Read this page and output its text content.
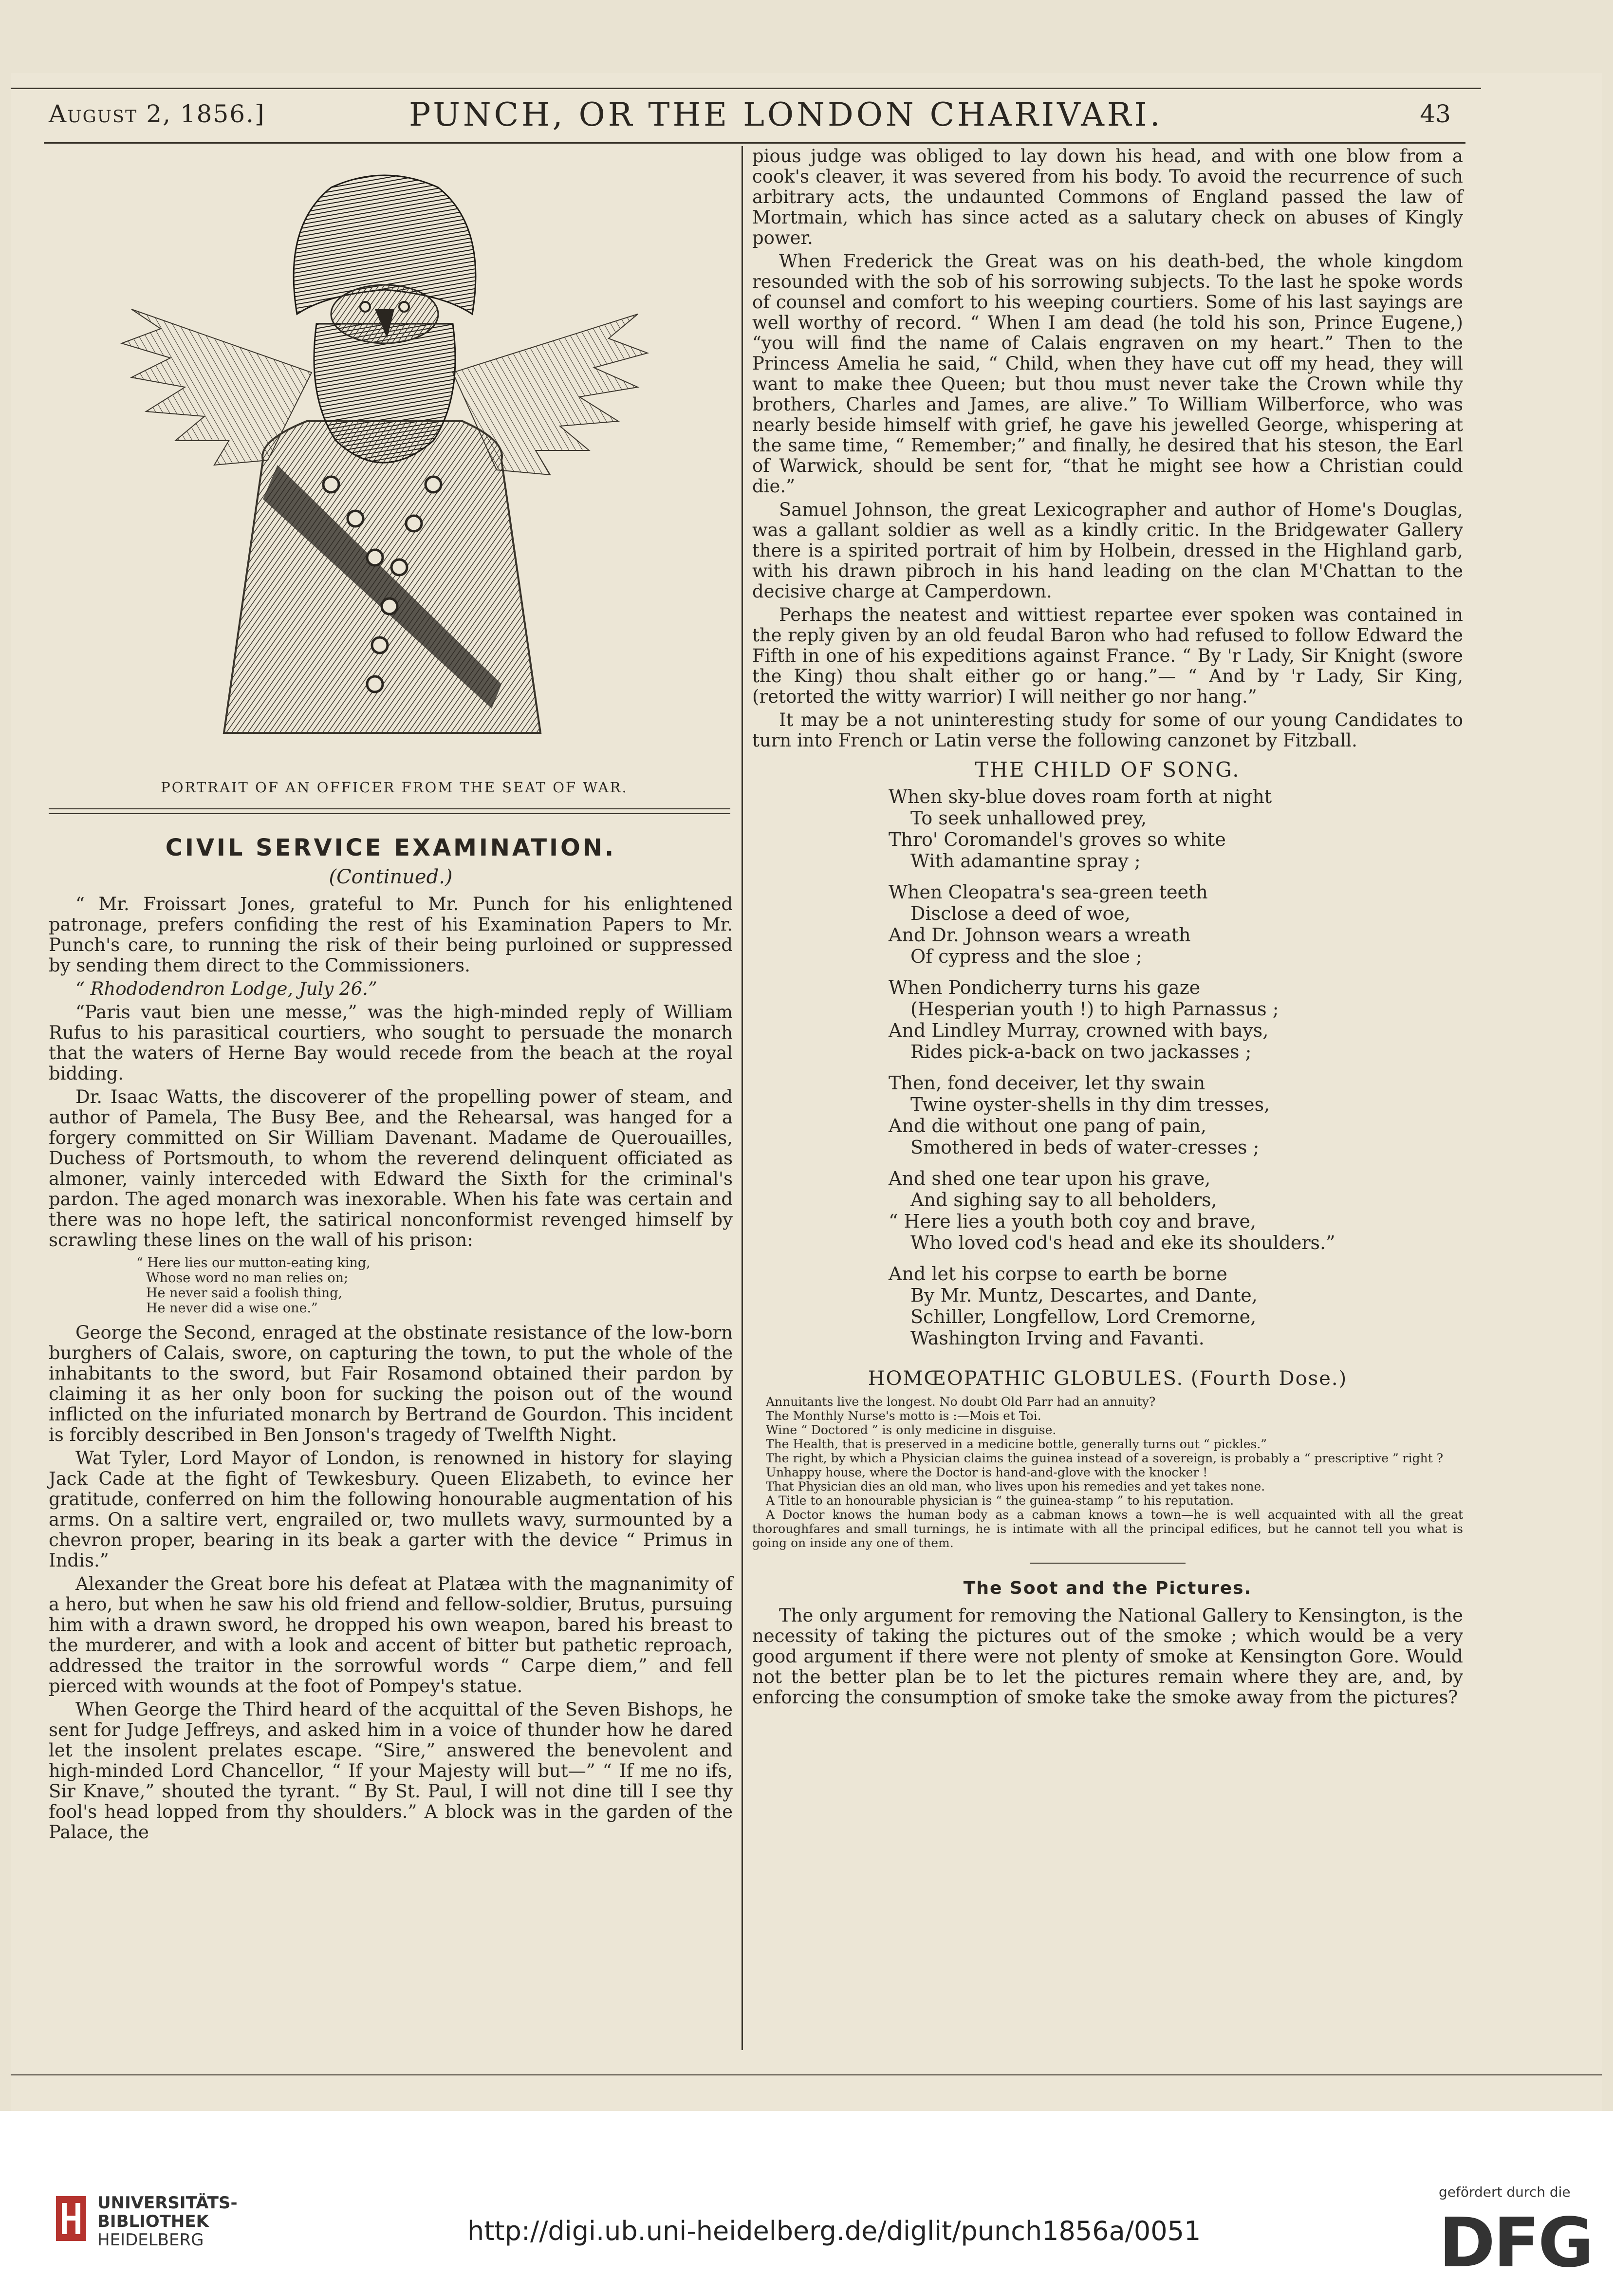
August 2, 1856.]	PUNCH, OR THE LONDON CHARIVARI.	43
PORTRAIT OF AN OFFICER FROM THE SEAT OF WAR.
CIVIL SERVICE EXAMINATION.
(Continued.)

“ Mr. Froissart Jones, grateful to Mr. Punch for his enlightened patronage, prefers confiding the rest of his Examination Papers to Mr. Punch's care, to running the risk of their being purloined or suppressed by sending them direct to the Commissioners.

“ Rhododendron Lodge, July 26.”

“Paris vaut bien une messe,” was the high-minded reply of William Rufus to his parasitical courtiers, who sought to persuade the monarch that the waters of Herne Bay would recede from the beach at the royal bidding.

Dr. Isaac Watts, the discoverer of the propelling power of steam, and author of Pamela, The Busy Bee, and the Rehearsal, was hanged for a forgery committed on Sir William Davenant. Madame de Querouailles, Duchess of Portsmouth, to whom the reverend delinquent officiated as almoner, vainly interceded with Edward the Sixth for the criminal's pardon. The aged monarch was inexorable. When his fate was certain and there was no hope left, the satirical nonconformist revenged himself by scrawling these lines on the wall of his prison:

“ Here lies our mutton-eating king,
Whose word no man relies on;
He never said a foolish thing,
He never did a wise one.”

George the Second, enraged at the obstinate resistance of the low-born burghers of Calais, swore, on capturing the town, to put the whole of the inhabitants to the sword, but Fair Rosamond obtained their pardon by claiming it as her only boon for sucking the poison out of the wound inflicted on the infuriated monarch by Bertrand de Gourdon. This incident is forcibly described in Ben Jonson's tragedy of Twelfth Night.

Wat Tyler, Lord Mayor of London, is renowned in history for slaying Jack Cade at the fight of Tewkesbury. Queen Elizabeth, to evince her gratitude, conferred on him the following honourable augmentation of his arms. On a saltire vert, engrailed or, two mullets wavy, surmounted by a chevron proper, bearing in its beak a garter with the device “ Primus in Indis.”

Alexander the Great bore his defeat at Platæa with the magnanimity of a hero, but when he saw his old friend and fellow-soldier, Brutus, pursuing him with a drawn sword, he dropped his own weapon, bared his breast to the murderer, and with a look and accent of bitter but pathetic reproach, addressed the traitor in the sorrowful words “ Carpe diem,” and fell pierced with wounds at the foot of Pompey's statue.

When George the Third heard of the acquittal of the Seven Bishops, he sent for Judge Jeffreys, and asked him in a voice of thunder how he dared let the insolent prelates escape. “Sire,” answered the benevolent and high-minded Lord Chancellor, “ If your Majesty will but—” “ If me no ifs, Sir Knave,” shouted the tyrant. “ By St. Paul, I will not dine till I see thy fool's head lopped from thy shoulders.” A block was in the garden of the Palace, the

pious judge was obliged to lay down his head, and with one blow from a cook's cleaver, it was severed from his body. To avoid the recurrence of such arbitrary acts, the undaunted Commons of England passed the law of Mortmain, which has since acted as a salutary check on abuses of Kingly power.

When Frederick the Great was on his death-bed, the whole kingdom resounded with the sob of his sorrowing subjects. To the last he spoke words of counsel and comfort to his weeping courtiers. Some of his last sayings are well worthy of record. “ When I am dead (he told his son, Prince Eugene,) “you will find the name of Calais engraven on my heart.” Then to the Princess Amelia he said, “ Child, when they have cut off my head, they will want to make thee Queen; but thou must never take the Crown while thy brothers, Charles and James, are alive.” To William Wilberforce, who was nearly beside himself with grief, he gave his jewelled George, whispering at the same time, “ Remember;” and finally, he desired that his steson, the Earl of Warwick, should be sent for, “that he might see how a Christian could die.”

Samuel Johnson, the great Lexicographer and author of Home's Douglas, was a gallant soldier as well as a kindly critic. In the Bridgewater Gallery there is a spirited portrait of him by Holbein, dressed in the Highland garb, with his drawn pibroch in his hand leading on the clan M'Chattan to the decisive charge at Camperdown.

Perhaps the neatest and wittiest repartee ever spoken was contained in the reply given by an old feudal Baron who had refused to follow Edward the Fifth in one of his expeditions against France. “ By 'r Lady, Sir Knight (swore the King) thou shalt either go or hang.”— “ And by 'r Lady, Sir King, (retorted the witty warrior) I will neither go nor hang.”

It may be a not uninteresting study for some of our young Candidates to turn into French or Latin verse the following canzonet by Fitzball.

THE CHILD OF SONG.
When sky-blue doves roam forth at night
To seek unhallowed prey,
Thro' Coromandel's groves so white
With adamantine spray ;
When Cleopatra's sea-green teeth
Disclose a deed of woe,
And Dr. Johnson wears a wreath
Of cypress and the sloe ;
When Pondicherry turns his gaze
(Hesperian youth !) to high Parnassus ;
And Lindley Murray, crowned with bays,
Rides pick-a-back on two jackasses ;
Then, fond deceiver, let thy swain
Twine oyster-shells in thy dim tresses,
And die without one pang of pain,
Smothered in beds of water-cresses ;
And shed one tear upon his grave,
And sighing say to all beholders,
“ Here lies a youth both coy and brave,
Who loved cod's head and eke its shoulders.”
And let his corpse to earth be borne
By Mr. Muntz, Descartes, and Dante,
Schiller, Longfellow, Lord Cremorne,
Washington Irving and Favanti.
HOMŒOPATHIC GLOBULES. (Fourth Dose.)

Annuitants live the longest. No doubt Old Parr had an annuity?

The Monthly Nurse's motto is :—Mois et Toi.

Wine “ Doctored ” is only medicine in disguise.

The Health, that is preserved in a medicine bottle, generally turns out “ pickles.”

The right, by which a Physician claims the guinea instead of a sovereign, is probably a “ prescriptive ” right ?

Unhappy house, where the Doctor is hand-and-glove with the knocker !

That Physician dies an old man, who lives upon his remedies and yet takes none.

A Title to an honourable physician is “ the guinea-stamp ” to his reputation.

A Doctor knows the human body as a cabman knows a town—he is well acquainted with all the great thoroughfares and small turnings, he is intimate with all the principal edifices, but he cannot tell you what is going on inside any one of them.

The Soot and the Pictures.

The only argument for removing the National Gallery to Kensington, is the necessity of taking the pictures out of the smoke ; which would be a very good argument if there were not plenty of smoke at Kensington Gore. Would not the better plan be to let the pictures remain where they are, and, by enforcing the consumption of smoke take the smoke away from the pictures?

UNIVERSITÄTS-
BIBLIOTHEK
HEIDELBERG	http://digi.ub.uni-heidelberg.de/diglit/punch1856a/0051
gefördert durch die
DFG
